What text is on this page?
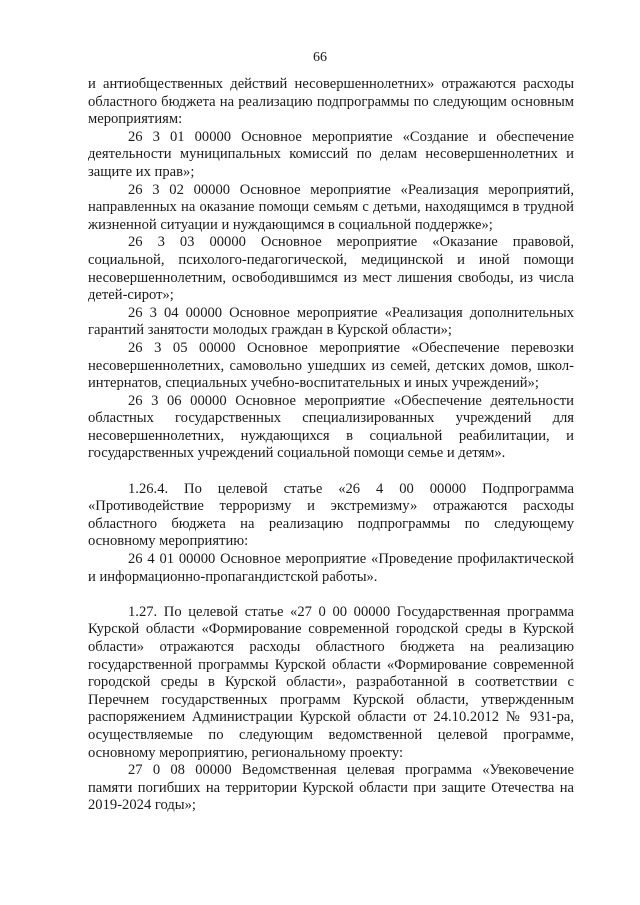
66

и антиобщественных действий несовершеннолетних» отражаются расходы областного бюджета на реализацию подпрограммы по следующим основным мероприятиям:

26 3 01 00000 Основное мероприятие «Создание и обеспечение деятельности муниципальных комиссий по делам несовершеннолетних и защите их прав»;

26 3 02 00000 Основное мероприятие «Реализация мероприятий, направленных на оказание помощи семьям с детьми, находящимся в трудной жизненной ситуации и нуждающимся в социальной поддержке»;

26 3 03 00000 Основное мероприятие «Оказание правовой, социальной, психолого-педагогической, медицинской и иной помощи несовершеннолетним, освободившимся из мест лишения свободы, из числа детей-сирот»;

26 3 04 00000 Основное мероприятие «Реализация дополнительных гарантий занятости молодых граждан в Курской области»;

26 3 05 00000 Основное мероприятие «Обеспечение перевозки несовершеннолетних, самовольно ушедших из семей, детских домов, школ-интернатов, специальных учебно-воспитательных и иных учреждений»;

26 3 06 00000 Основное мероприятие «Обеспечение деятельности областных государственных специализированных учреждений для несовершеннолетних, нуждающихся в социальной реабилитации, и государственных учреждений социальной помощи семье и детям».

1.26.4. По целевой статье «26 4 00 00000 Подпрограмма «Противодействие терроризму и экстремизму» отражаются расходы областного бюджета на реализацию подпрограммы по следующему основному мероприятию:

26 4 01 00000 Основное мероприятие «Проведение профилактической и информационно-пропагандистской работы».

1.27. По целевой статье «27 0 00 00000 Государственная программа Курской области «Формирование современной городской среды в Курской области» отражаются расходы областного бюджета на реализацию государственной программы Курской области «Формирование современной городской среды в Курской области», разработанной в соответствии с Перечнем государственных программ Курской области, утвержденным распоряжением Администрации Курской области от 24.10.2012 № 931-ра, осуществляемые по следующим ведомственной целевой программе, основному мероприятию, региональному проекту:

27 0 08 00000 Ведомственная целевая программа «Увековечение памяти погибших на территории Курской области при защите Отечества на 2019-2024 годы»;
